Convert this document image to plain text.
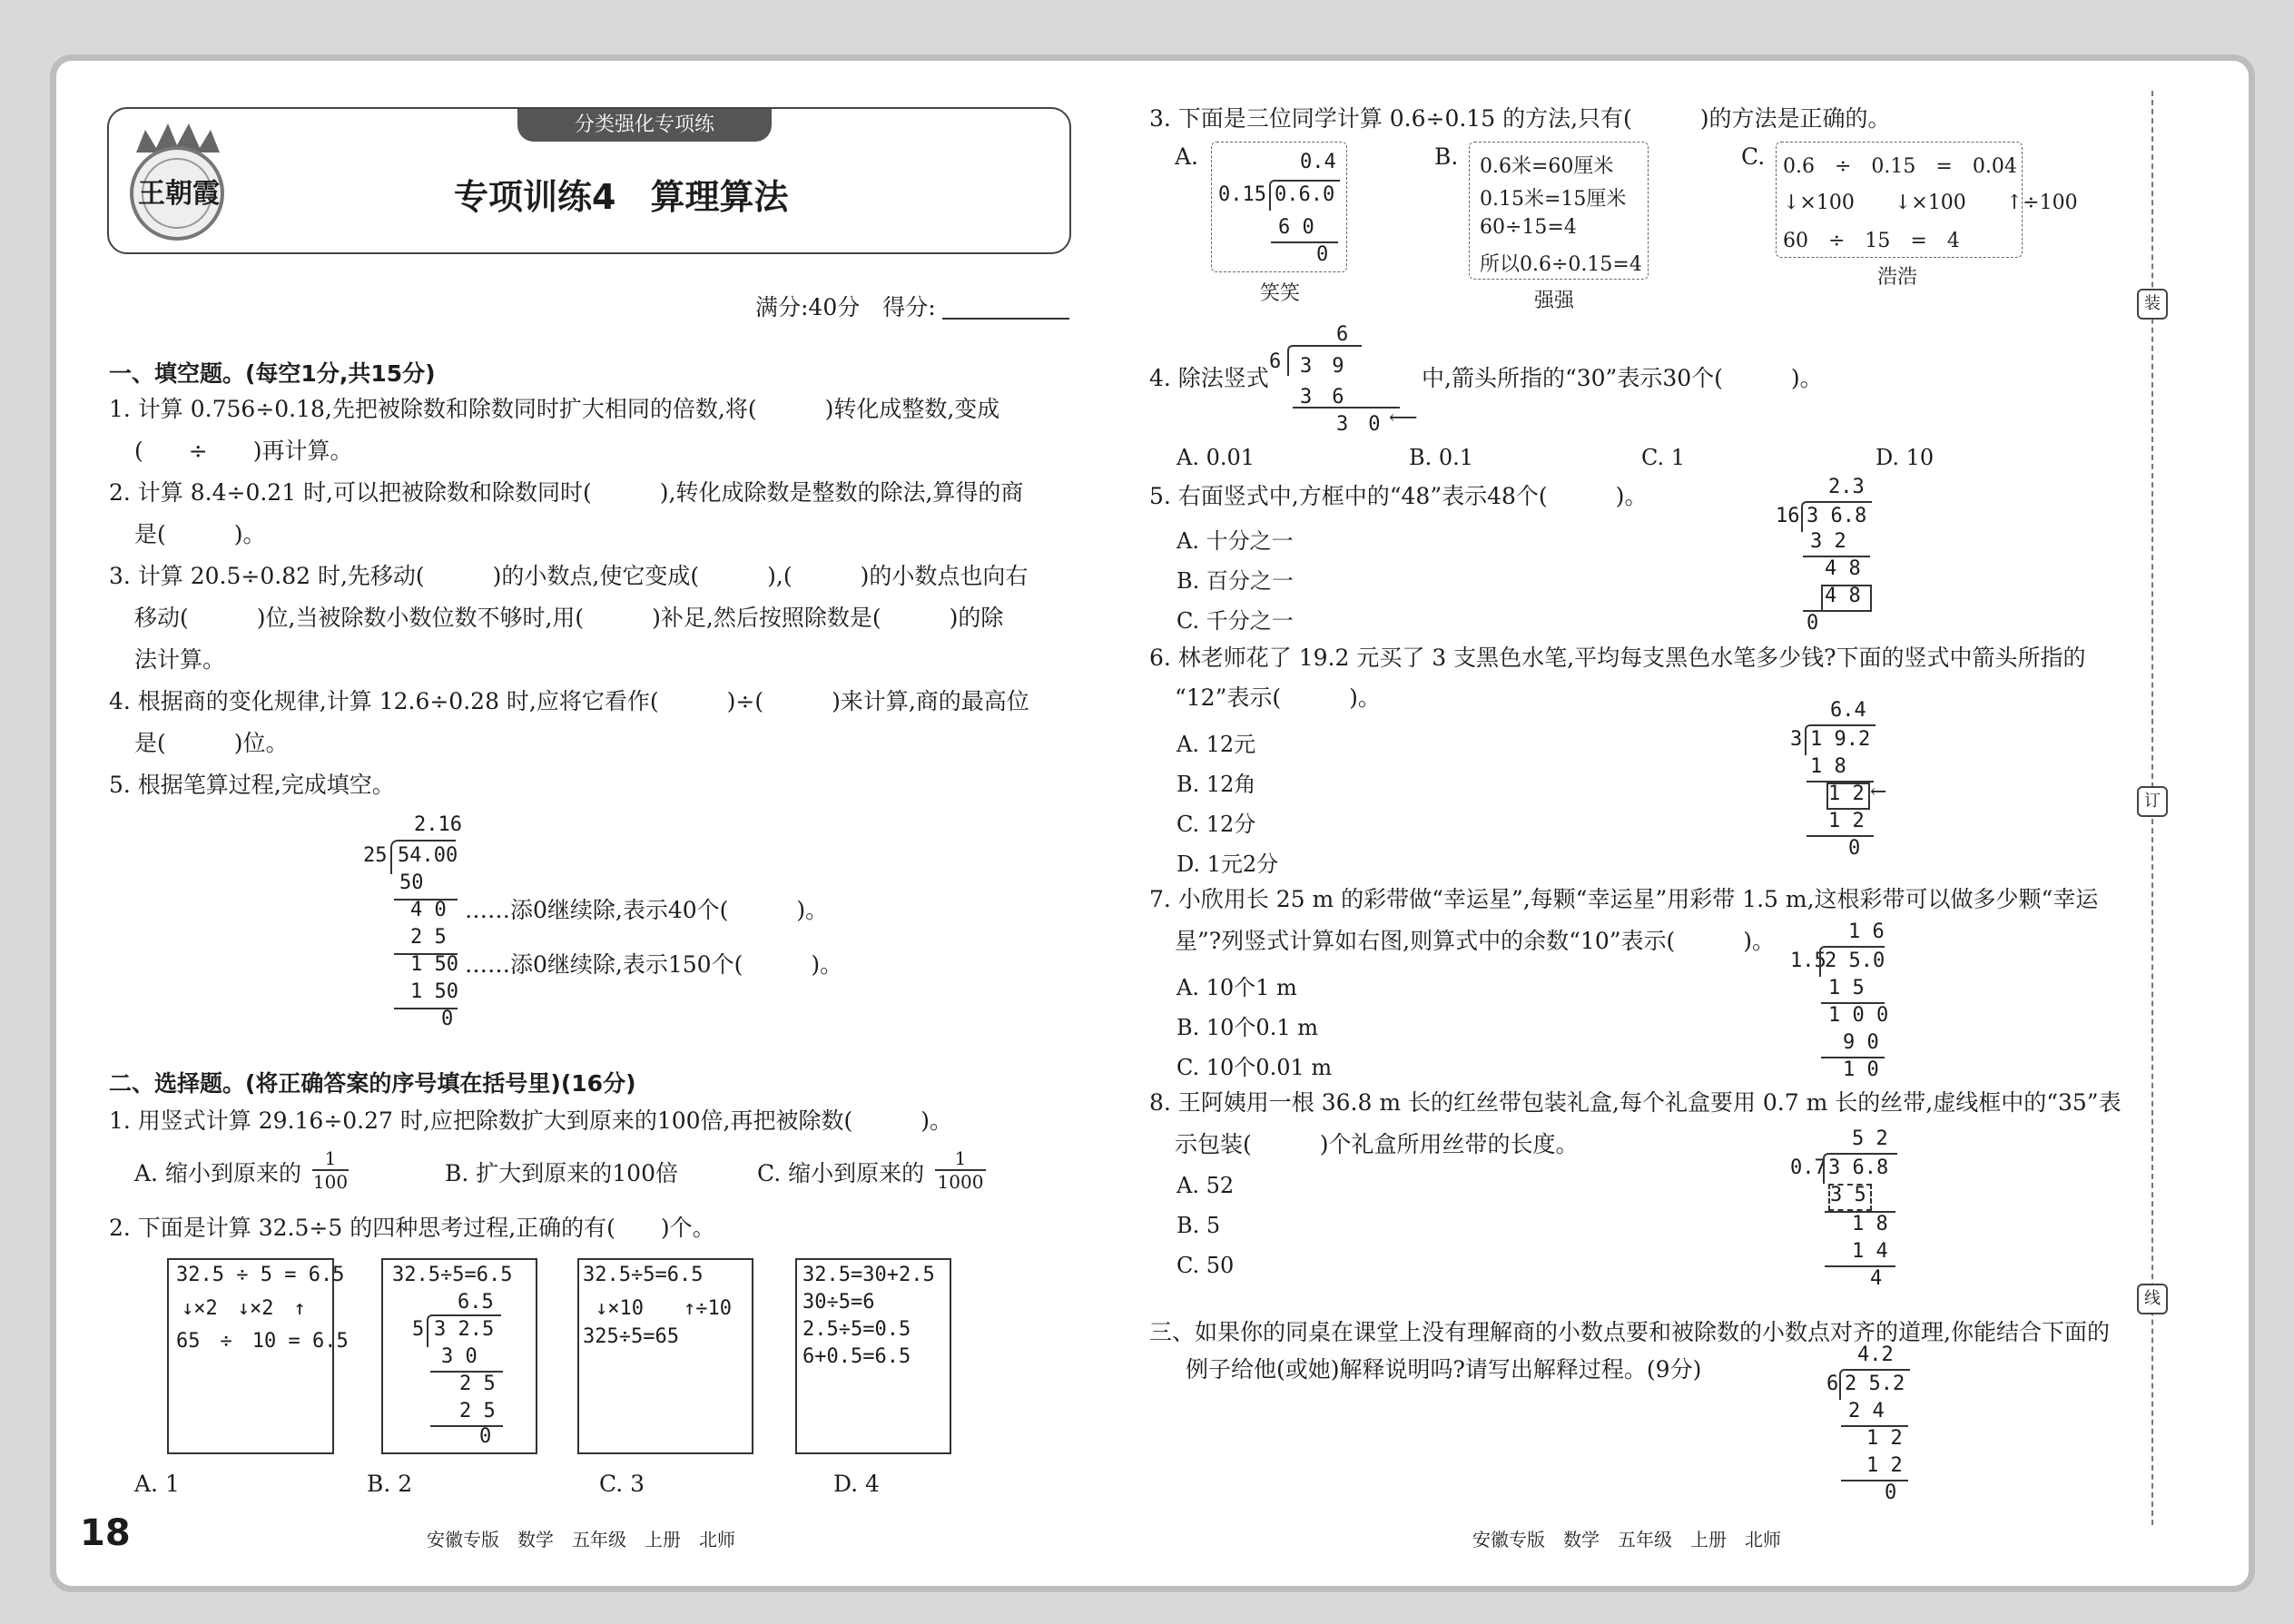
分类强化专项练
王朝霞	专项训练4　算理算法
满分:40分　得分:
一、填空题。(每空1分,共15分)
1. 计算 0.756÷0.18,先把被除数和除数同时扩大相同的倍数,将(　　　)转化成整数,变成
(　　÷　　)再计算。
2. 计算 8.4÷0.21 时,可以把被除数和除数同时(　　　),转化成除数是整数的除法,算得的商
是(　　　)。
3. 计算 20.5÷0.82 时,先移动(　　　)的小数点,使它变成(　　　),(　　　)的小数点也向右
移动(　　　)位,当被除数小数位数不够时,用(　　　)补足,然后按照除数是(　　　)的除
法计算。
4. 根据商的变化规律,计算 12.6÷0.28 时,应将它看作(　　　)÷(　　　)来计算,商的最高位
是(　　　)位。
5. 根据笔算过程,完成填空。
2.16
25 54.00
50
4 0 ……添0继续除,表示40个(　　　)。
2 5
1 50 ……添0继续除,表示150个(　　　)。
1 50
0
二、选择题。(将正确答案的序号填在括号里)(16分)
1. 用竖式计算 29.16÷0.27 时,应把除数扩大到原来的100倍,再把被除数(　　　)。
A. 缩小到原来的 $\frac{1}{100}$	B. 扩大到原来的100倍	C. 缩小到原来的 $\frac{1}{1000}$
2. 下面是计算 32.5÷5 的四种思考过程,正确的有(　　)个。
32.5 ÷ 5 = 6.5
↓×2　↓×2　↑
65　÷　10 = 6.5
32.5÷5=6.5
6.5
5 3 2.5
3 0
2 5
2 5
0
32.5÷5=6.5
↓×10　　↑÷10
325÷5=65
32.5=30+2.5
30÷5=6
2.5÷5=0.5
6+0.5=6.5
A. 1	B. 2	C. 3	D. 4
18	安徽专版　数学　五年级　上册　北师
3. 下面是三位同学计算 0.6÷0.15 的方法,只有(　　　)的方法是正确的。
A.	0.4
0.15 0.6.0
6 0
0
笑笑
B. 0.6米=60厘米
0.15米=15厘米
60÷15=4
所以0.6÷0.15=4
强强
C. 0.6　÷　0.15　=　0.04
↓×100　　↓×100　　↑÷100
60　÷　15　=　4
浩浩
4. 除法竖式
6
6 3　9
3　6
3　0 ⟵
中,箭头所指的“30”表示30个(　　　)。
A. 0.01	B. 0.1	C. 1	D. 10
5. 右面竖式中,方框中的“48”表示48个(　　　)。
A. 十分之一
B. 百分之一
C. 千分之一
2.3
16 3 6.8
3 2
4 8
4 8
0
6. 林老师花了 19.2 元买了 3 支黑色水笔,平均每支黑色水笔多少钱?下面的竖式中箭头所指的
“12”表示(　　　)。
A. 12元
B. 12角
C. 12分
D. 1元2分
6.4
3 1 9.2
1 8
1 2 ←
1 2
0
7. 小欣用长 25 m 的彩带做“幸运星”,每颗“幸运星”用彩带 1.5 m,这根彩带可以做多少颗“幸运
星”?列竖式计算如右图,则算式中的余数“10”表示(　　　)。
A. 10个1 m
B. 10个0.1 m
C. 10个0.01 m
1 6
1.5
2 5.0
1 5
1 0 0
9 0
1 0
8. 王阿姨用一根 36.8 m 长的红丝带包装礼盒,每个礼盒要用 0.7 m 长的丝带,虚线框中的“35”表
示包装(　　　)个礼盒所用丝带的长度。
A. 52
B. 5
C. 50
5 2
0.7 3 6.8
3 5
1 8
1 4
4
三、如果你的同桌在课堂上没有理解商的小数点要和被除数的小数点对齐的道理,你能结合下面的
例子给他(或她)解释说明吗?请写出解释过程。(9分)
4.2
6 2 5.2
2 4
1 2
1 2
0
安徽专版　数学　五年级　上册　北师
装
订
线
